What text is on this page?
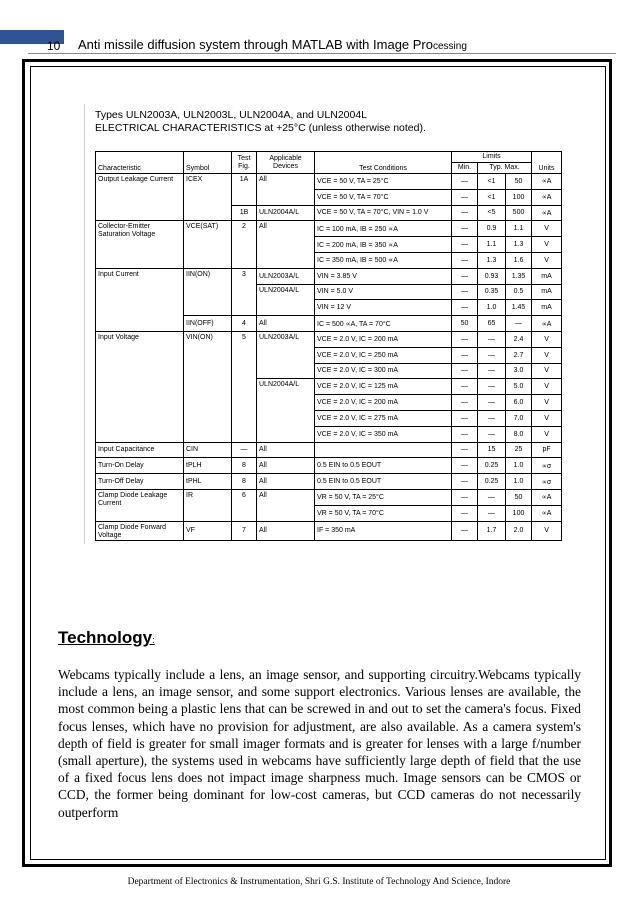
10 Anti missile diffusion system through MATLAB with Image Processing
Types ULN2003A, ULN2003L, ULN2004A, and ULN2004L
ELECTRICAL CHARACTERISTICS at +25°C (unless otherwise noted).
Characteristic	Symbol	Test Fig.	Applicable Devices	Test Conditions	Limits			Units
					Min.	Typ. Max.		
Output Leakage Current	ICEX	1A	All	VCE = 50 V, TA = 25°C	—	<1	50	∝A
				VCE = 50 V, TA = 70°C	—	<1	100	∝A
		1B	ULN2004A/L	VCE = 50 V, TA = 70°C, VIN = 1.0 V	—	<5	500	∝A
Collector-Emitter Saturation Voltage	VCE(SAT)	2	All	IC = 100 mA, IB = 250 ∝A	—	0.9	1.1	V
				IC = 200 mA, IB = 350 ∝A	—	1.1	1.3	V
				IC = 350 mA, IB = 500 ∝A	—	1.3	1.6	V
Input Current	IIN(ON)	3	ULN2003A/L	VIN = 3.85 V	—	0.93	1.35	mA
			ULN2004A/L	VIN = 5.0 V	—	0.35	0.5	mA
				VIN = 12 V	—	1.0	1.45	mA
	IIN(OFF)	4	All	IC = 500 ∝A, TA = 70°C	50	65	—	∝A
Input Voltage	VIN(ON)	5	ULN2003A/L	VCE = 2.0 V, IC = 200 mA	—	—	2.4	V
				VCE = 2.0 V, IC = 250 mA	—	—	2.7	V
				VCE = 2.0 V, IC = 300 mA	—	—	3.0	V
			ULN2004A/L	VCE = 2.0 V, IC = 125 mA	—	—	5.0	V
				VCE = 2.0 V, IC = 200 mA	—	—	6.0	V
				VCE = 2.0 V, IC = 275 mA	—	—	7.0	V
				VCE = 2.0 V, IC = 350 mA	—	—	8.0	V
Input Capacitance	CIN	—	All		—	15	25	pF
Turn-On Delay	tPLH	8	All	0.5 EIN to 0.5 EOUT	—	0.25	1.0	∝σ
Turn-Off Delay	tPHL	8	All	0.5 EIN to 0.5 EOUT	—	0.25	1.0	∝σ
Clamp Diode Leakage Current	IR	6	All	VR = 50 V, TA = 25°C	—	—	50	∝A
				VR = 50 V, TA = 70°C	—	—	100	∝A
Clamp Diode Forward Voltage	VF	7	All	IF = 350 mA	—	1.7	2.0	V
Technology:
Webcams typically include a lens, an image sensor, and supporting circuitry.Webcams typically include a lens, an image sensor, and some support electronics. Various lenses are available, the most common being a plastic lens that can be screwed in and out to set the camera's focus. Fixed focus lenses, which have no provision for adjustment, are also available. As a camera system's depth of field is greater for small imager formats and is greater for lenses with a large f/number (small aperture), the systems used in webcams have sufficiently large depth of field that the use of a fixed focus lens does not impact image sharpness much. Image sensors can be CMOS or CCD, the former being dominant for low-cost cameras, but CCD cameras do not necessarily outperform
Department of Electronics & Instrumentation, Shri G.S. Institute of Technology And Science, Indore
